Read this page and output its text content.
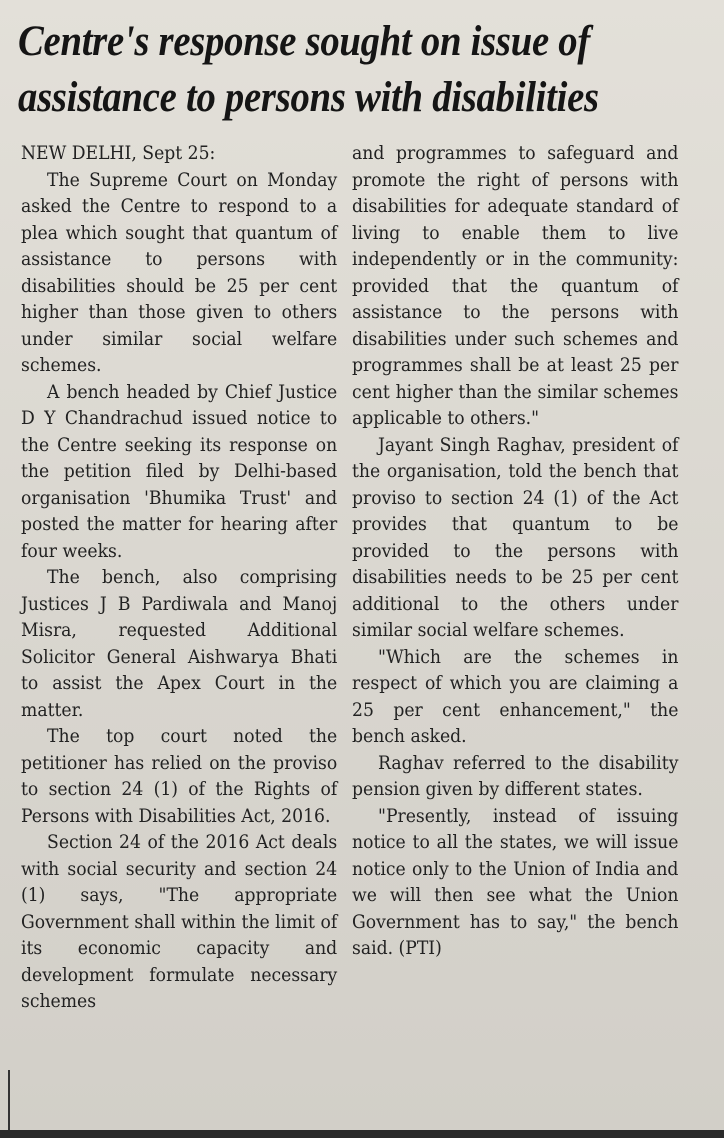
Centre's response sought on issue of
assistance to persons with disabilities

NEW DELHI, Sept 25:

The Supreme Court on Monday asked the Centre to respond to a plea which sought that quantum of assistance to persons with disabilities should be 25 per cent higher than those given to others under similar social welfare schemes.

A bench headed by Chief Justice D Y Chandrachud issued notice to the Centre seeking its response on the petition filed by Delhi-based organisation 'Bhumika Trust' and posted the matter for hearing after four weeks.

The bench, also comprising Justices J B Pardiwala and Manoj Misra, requested Additional Solicitor General Aishwarya Bhati to assist the Apex Court in the matter.

The top court noted the petitioner has relied on the proviso to section 24 (1) of the Rights of Persons with Disabilities Act, 2016.

Section 24 of the 2016 Act deals with social security and section 24 (1) says, "The appropriate Government shall within the limit of its economic capacity and development formulate necessary schemes

and programmes to safeguard and promote the right of persons with disabilities for adequate standard of living to enable them to live independently or in the community: provided that the quantum of assistance to the persons with disabilities under such schemes and programmes shall be at least 25 per cent higher than the similar schemes applicable to others."

Jayant Singh Raghav, president of the organisation, told the bench that proviso to section 24 (1) of the Act provides that quantum to be provided to the persons with disabilities needs to be 25 per cent additional to the others under similar social welfare schemes.

"Which are the schemes in respect of which you are claiming a 25 per cent enhancement," the bench asked.

Raghav referred to the disability pension given by different states.

"Presently, instead of issuing notice to all the states, we will issue notice only to the Union of India and we will then see what the Union Government has to say," the bench said. (PTI)
